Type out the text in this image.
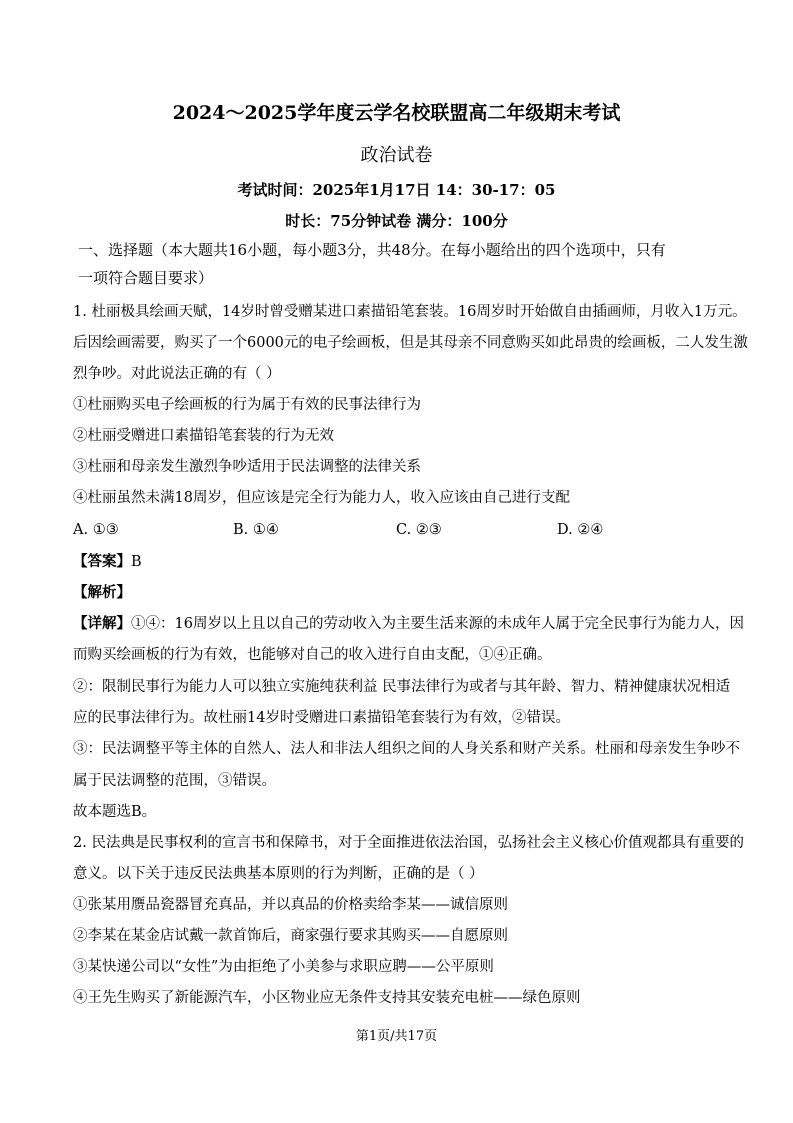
2024～2025学年度云学名校联盟高二年级期末考试
政治试卷
考试时间：2025年1月17日 14：30-17：05
时长：75分钟试卷 满分：100分
一、选择题（本大题共16小题，每小题3分，共48分。在每小题给出的四个选项中，只有
一项符合题目要求）
1. 杜丽极具绘画天赋，14岁时曾受赠某进口素描铅笔套装。16周岁时开始做自由插画师，月收入1万元。
后因绘画需要，购买了一个6000元的电子绘画板，但是其母亲不同意购买如此昂贵的绘画板，二人发生激
烈争吵。对此说法正确的有（ ）
①杜丽购买电子绘画板的行为属于有效的民事法律行为
②杜丽受赠进口素描铅笔套装的行为无效
③杜丽和母亲发生激烈争吵适用于民法调整的法律关系
④杜丽虽然未满18周岁，但应该是完全行为能力人，收入应该由自己进行支配
A. ①③	B. ①④	C. ②③	D. ②④
【答案】B
【解析】
【详解】①④：16周岁以上且以自己的劳动收入为主要生活来源的未成年人属于完全民事行为能力人，因
而购买绘画板的行为有效，也能够对自己的收入进行自由支配，①④正确。
②：限制民事行为能力人可以独立实施纯获利益 民事法律行为或者与其年龄、智力、精神健康状况相适
应的民事法律行为。故杜丽14岁时受赠进口素描铅笔套装行为有效，②错误。
③：民法调整平等主体的自然人、法人和非法人组织之间的人身关系和财产关系。杜丽和母亲发生争吵不
属于民法调整的范围，③错误。
故本题选B。
2. 民法典是民事权利的宣言书和保障书，对于全面推进依法治国，弘扬社会主义核心价值观都具有重要的
意义。以下关于违反民法典基本原则的行为判断，正确的是（ ）
①张某用赝品瓷器冒充真品，并以真品的价格卖给李某——诚信原则
②李某在某金店试戴一款首饰后，商家强行要求其购买——自愿原则
③某快递公司以“女性”为由拒绝了小美参与求职应聘——公平原则
④王先生购买了新能源汽车，小区物业应无条件支持其安装充电桩——绿色原则
第1页/共17页
